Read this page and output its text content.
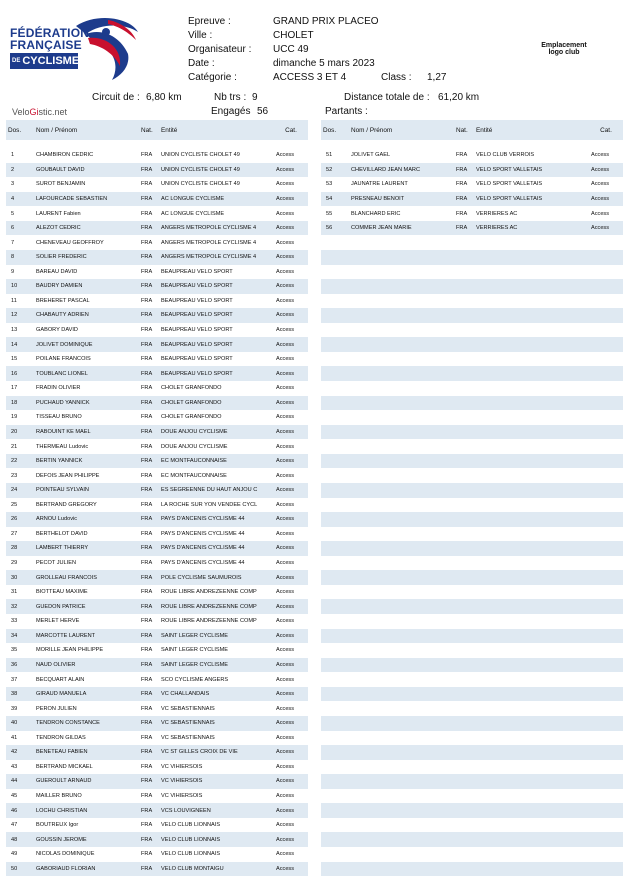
FÉDÉRATION
FRANÇAISE
DE CYCLISME
Epreuve :	GRAND PRIX PLACEO
Ville :	CHOLET
Organisateur : UCC 49
Date :	dimanche 5 mars 2023
Catégorie :	ACCESS 3 ET 4	Class : 1,27
Emplacement
logo club
Circuit de : 6,80 km	Nb trs : 9	Distance totale de : 61,20 km
VeloGistic.net	Engagés 56	Partants :
Dos.	Nom / Prénom	Nat.	Entité	Cat.

1	CHAMBIRON CEDRIC	FRA	UNION CYCLISTE CHOLET 49	Access
2	GOUBAULT DAVID	FRA	UNION CYCLISTE CHOLET 49	Access
3	SUROT BENJAMIN	FRA	UNION CYCLISTE CHOLET 49	Access
4	LAFOURCADE SEBASTIEN	FRA	AC LONGUE CYCLISME	Access
5	LAURENT Fabien	FRA	AC LONGUE CYCLISME	Access
6	ALEZOT CEDRIC	FRA	ANGERS METROPOLE CYCLISME 4	Access
7	CHENEVEAU GEOFFROY	FRA	ANGERS METROPOLE CYCLISME 4	Access
8	SOLIER FREDERIC	FRA	ANGERS METROPOLE CYCLISME 4	Access
9	BAREAU DAVID	FRA	BEAUPREAU VELO SPORT	Access
10	BAUDRY DAMIEN	FRA	BEAUPREAU VELO SPORT	Access
11	BREHERET PASCAL	FRA	BEAUPREAU VELO SPORT	Access
12	CHABAUTY ADRIEN	FRA	BEAUPREAU VELO SPORT	Access
13	GABORY DAVID	FRA	BEAUPREAU VELO SPORT	Access
14	JOLIVET DOMINIQUE	FRA	BEAUPREAU VELO SPORT	Access
15	POILANE FRANCOIS	FRA	BEAUPREAU VELO SPORT	Access
16	TOUBLANC LIONEL	FRA	BEAUPREAU VELO SPORT	Access
17	FRADIN OLIVIER	FRA	CHOLET GRANFONDO	Access
18	PUCHAUD YANNICK	FRA	CHOLET GRANFONDO	Access
19	TISSEAU BRUNO	FRA	CHOLET GRANFONDO	Access
20	RABOUINT KE MAEL	FRA	DOUE ANJOU CYCLISME	Access
21	THERMEAU Ludovic	FRA	DOUE ANJOU CYCLISME	Access
22	BERTIN YANNICK	FRA	EC MONTFAUCONNAISE	Access
23	DEFOIS JEAN PHILIPPE	FRA	EC MONTFAUCONNAISE	Access
24	POINTEAU SYLVAIN	FRA	ES SEGREENNE DU HAUT ANJOU C	Access
25	BERTRAND GREGORY	FRA	LA ROCHE SUR YON VENDEE CYCL	Access
26	ARNOU Ludovic	FRA	PAYS D'ANCENIS CYCLISME 44	Access
27	BERTHELOT DAVID	FRA	PAYS D'ANCENIS CYCLISME 44	Access
28	LAMBERT THIERRY	FRA	PAYS D'ANCENIS CYCLISME 44	Access
29	PECOT JULIEN	FRA	PAYS D'ANCENIS CYCLISME 44	Access
30	GROLLEAU FRANCOIS	FRA	POLE CYCLISME SAUMUROIS	Access
31	BIOTTEAU MAXIME	FRA	ROUE LIBRE ANDREZEENNE COMP	Access
32	GUEDON PATRICE	FRA	ROUE LIBRE ANDREZEENNE COMP	Access
33	MERLET HERVE	FRA	ROUE LIBRE ANDREZEENNE COMP	Access
34	MARCOTTE LAURENT	FRA	SAINT LEGER CYCLISME	Access
35	MORILLE JEAN PHILIPPE	FRA	SAINT LEGER CYCLISME	Access
36	NAUD OLIVIER	FRA	SAINT LEGER CYCLISME	Access
37	BECQUART ALAIN	FRA	SCO CYCLISME ANGERS	Access
38	GIRAUD MANUELA	FRA	VC CHALLANDAIS	Access
39	PERON JULIEN	FRA	VC SEBASTIENNAIS	Access
40	TENDRON CONSTANCE	FRA	VC SEBASTIENNAIS	Access
41	TENDRON GILDAS	FRA	VC SEBASTIENNAIS	Access
42	BENETEAU FABIEN	FRA	VC ST GILLES CROIX DE VIE	Access
43	BERTRAND MICKAEL	FRA	VC VIHIERSOIS	Access
44	GUEROULT ARNAUD	FRA	VC VIHIERSOIS	Access
45	MAILLER BRUNO	FRA	VC VIHIERSOIS	Access
46	LOCHU CHRISTIAN	FRA	VCS LOUVIGNEEN	Access
47	BOUTREUX Igor	FRA	VELO CLUB LIONNAIS	Access
48	GOUSSIN JEROME	FRA	VELO CLUB LIONNAIS	Access
49	NICOLAS DOMINIQUE	FRA	VELO CLUB LIONNAIS	Access
50	GABORIAUD FLORIAN	FRA	VELO CLUB MONTAIGU	Access
Dos.	Nom / Prénom	Nat.	Entité	Cat.

51	JOLIVET GAEL	FRA	VELO CLUB VERROIS	Access
52	CHEVILLARD JEAN MARC	FRA	VELO SPORT VALLETAIS	Access
53	JAUNATRE LAURENT	FRA	VELO SPORT VALLETAIS	Access
54	PRESNEAU BENOIT	FRA	VELO SPORT VALLETAIS	Access
55	BLANCHARD ERIC	FRA	VERRIERES AC	Access
56	COMMER JEAN MARIE	FRA	VERRIERES AC	Access
